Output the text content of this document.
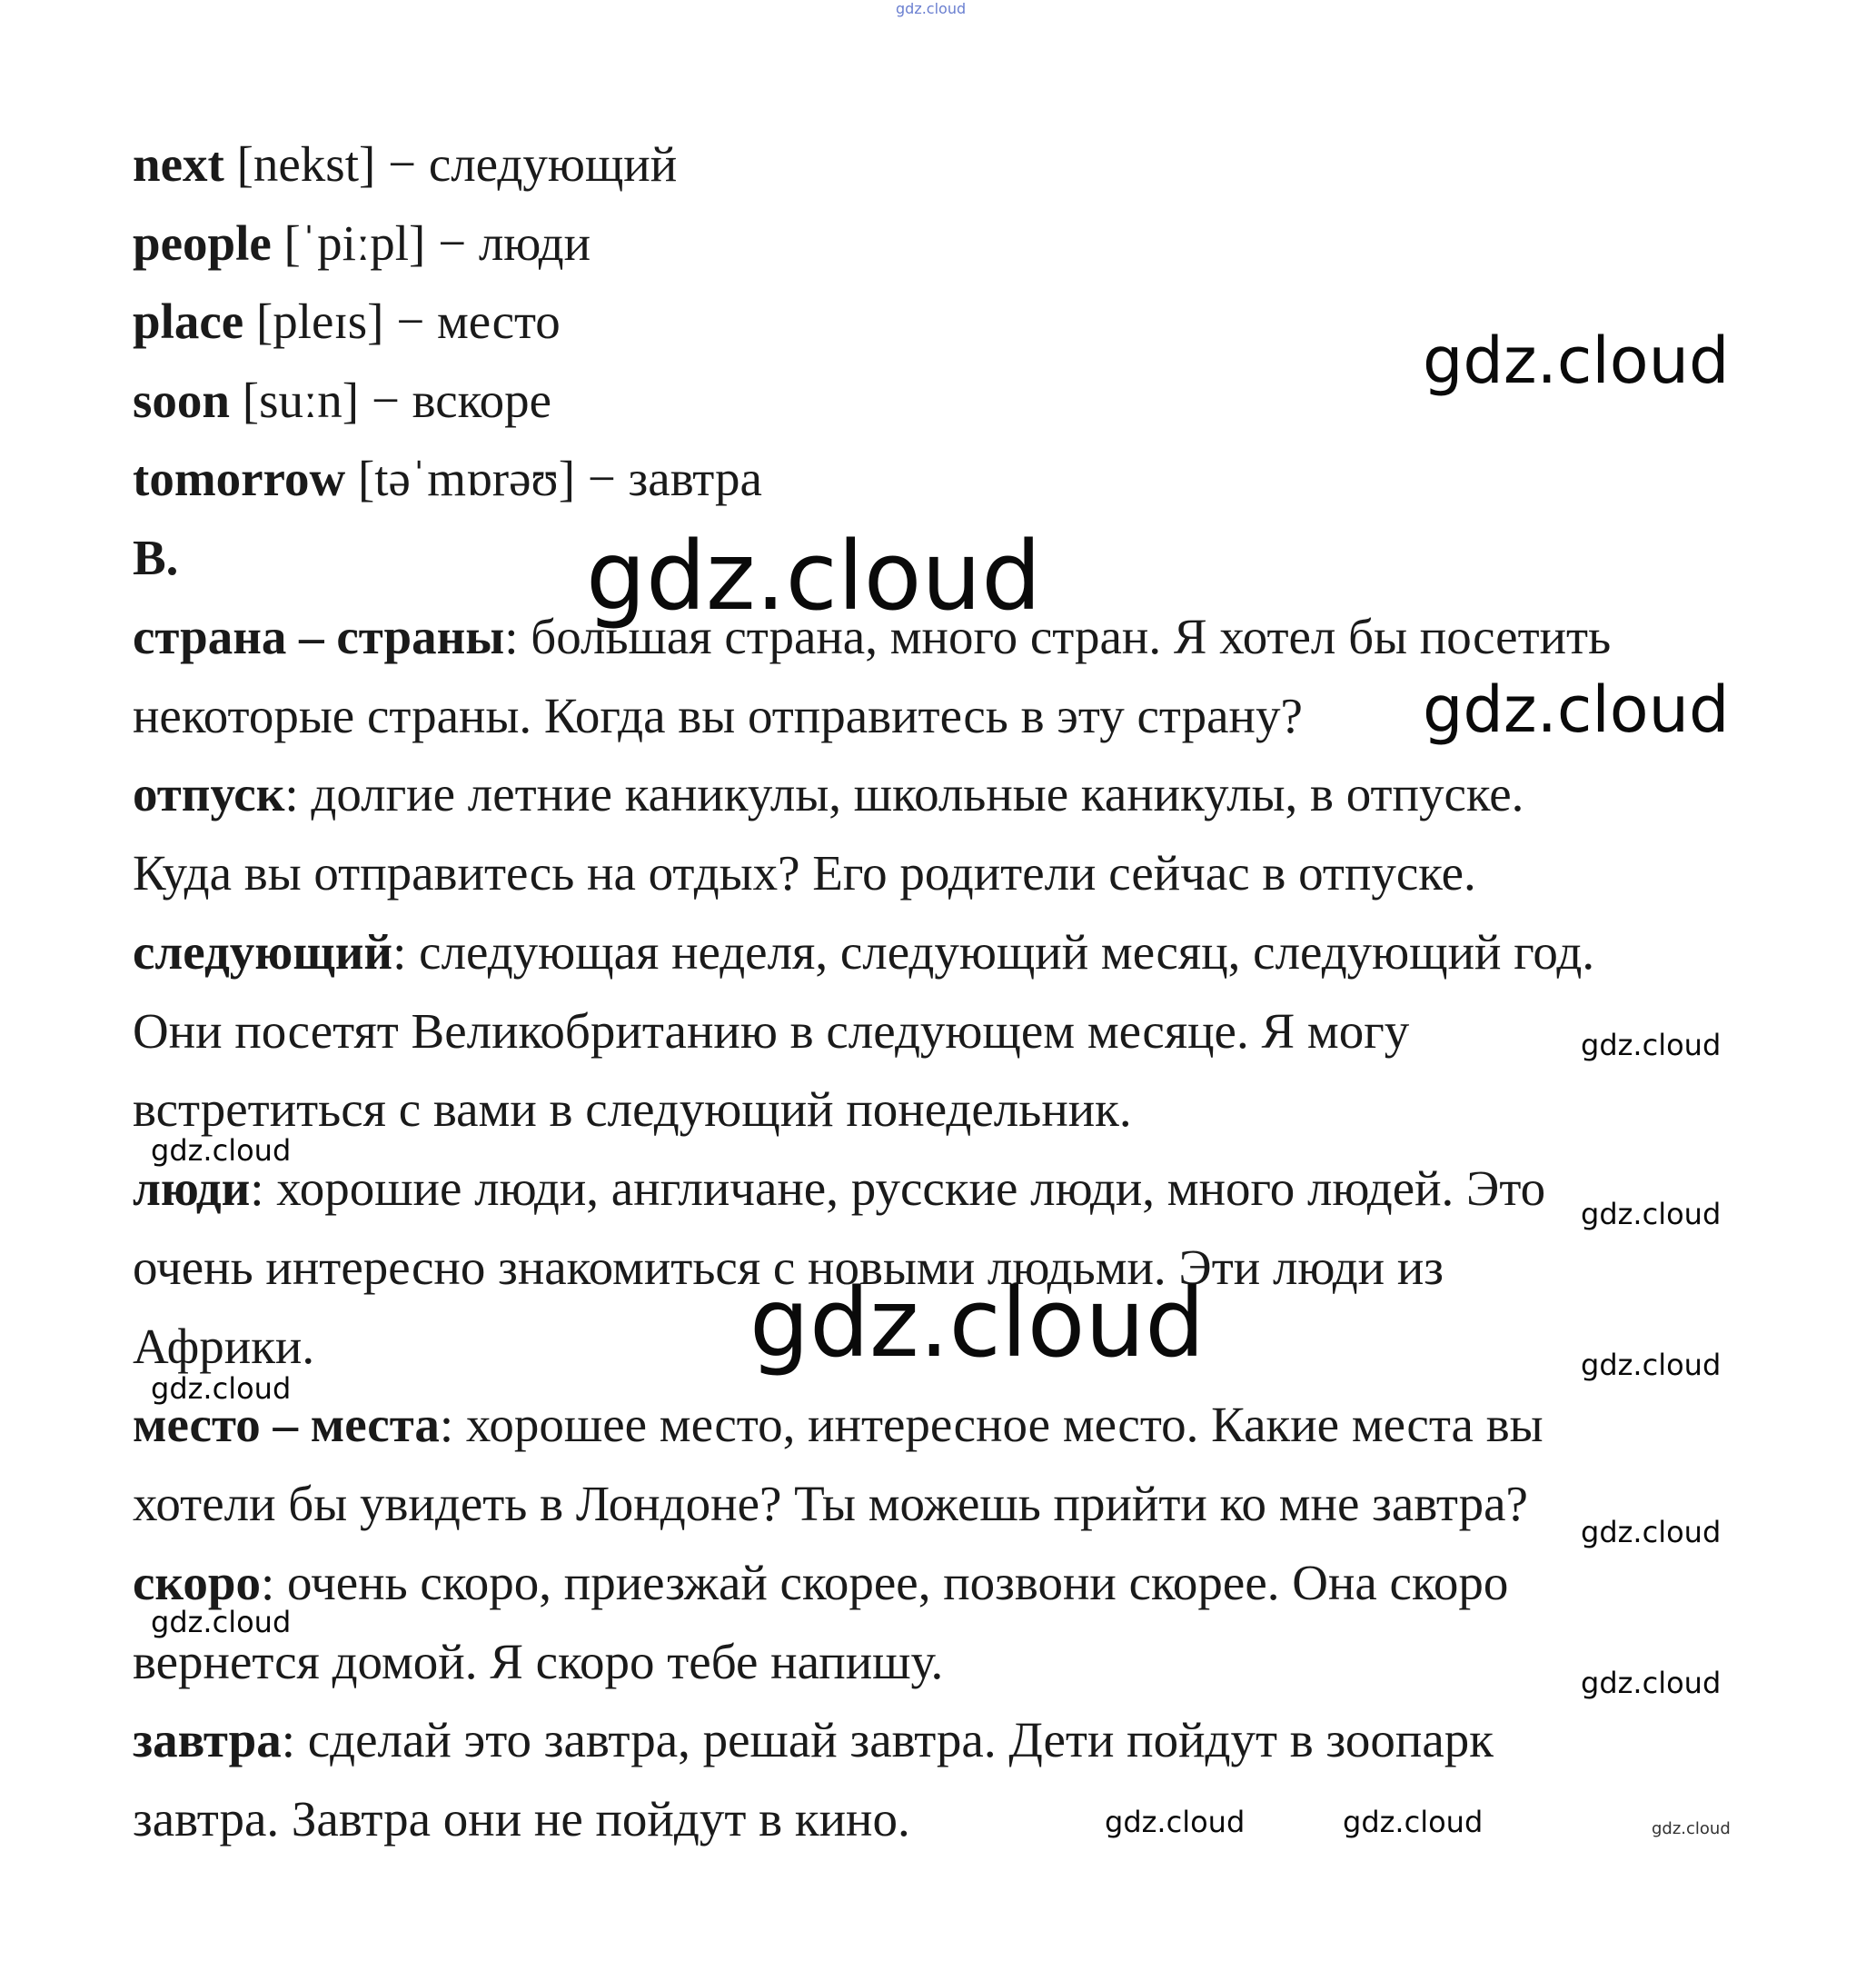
next [nekst] − следующий
people [ˈpiːpl] − люди
place [pleɪs] − место
soon [suːn] − вскоре
tomorrow [təˈmɒrəʊ] − завтра
B.
страна – страны: большая страна, много стран. Я хотел бы посетить
некоторые страны. Когда вы отправитесь в эту страну?
отпуск: долгие летние каникулы, школьные каникулы, в отпуске.
Куда вы отправитесь на отдых? Его родители сейчас в отпуске.
следующий: следующая неделя, следующий месяц, следующий год.
Они посетят Великобританию в следующем месяце. Я могу
встретиться с вами в следующий понедельник.
люди: хорошие люди, англичане, русские люди, много людей. Это
очень интересно знакомиться с новыми людьми. Эти люди из
Африки.
место – места: хорошее место, интересное место. Какие места вы
хотели бы увидеть в Лондоне? Ты можешь прийти ко мне завтра?
скоро: очень скоро, приезжай скорее, позвони скорее. Она скоро
вернется домой. Я скоро тебе напишу.
завтра: сделай это завтра, решай завтра. Дети пойдут в зоопарк
завтра. Завтра они не пойдут в кино.
gdz.cloud
gdz.cloud
gdz.cloud
gdz.cloud
gdz.cloud
gdz.cloud
gdz.cloud
gdz.cloud	gdz.cloud
gdz.cloud
gdz.cloud
gdz.cloud
gdz.cloud
gdz.cloud	gdz.cloud	gdz.cloud
